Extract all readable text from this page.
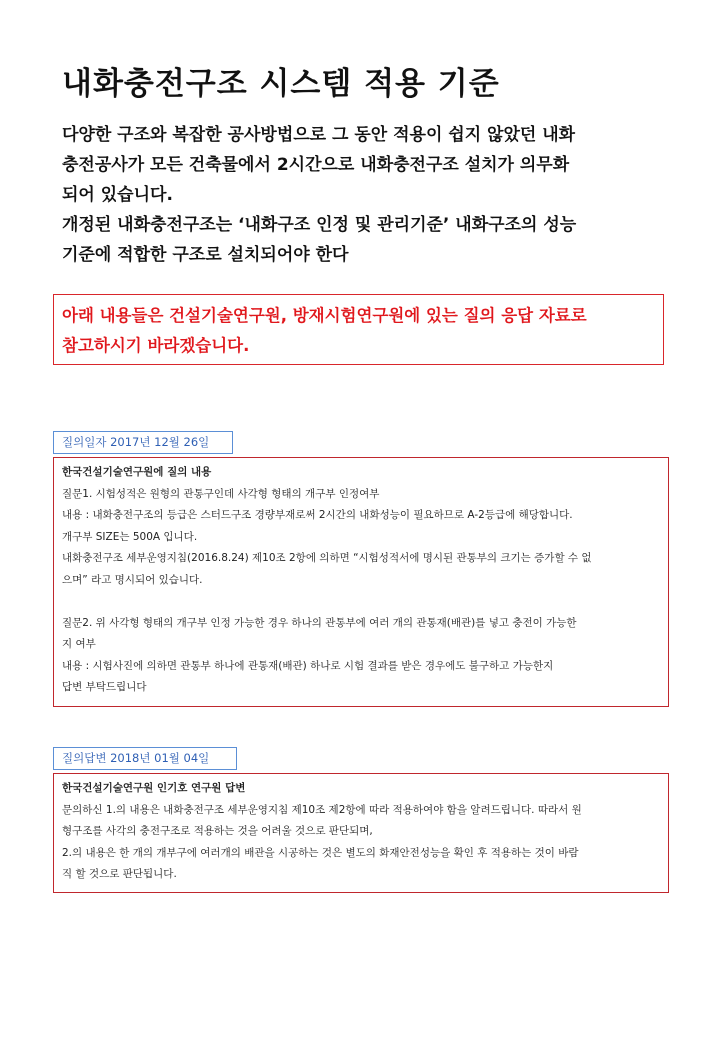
내화충전구조 시스템 적용 기준
다양한 구조와 복잡한 공사방법으로 그 동안 적용이 쉽지 않았던 내화
충전공사가 모든 건축물에서 2시간으로 내화충전구조 설치가 의무화
되어 있습니다.
개정된 내화충전구조는 ‘내화구조 인정 및 관리기준’ 내화구조의 성능
기준에 적합한 구조로 설치되어야 한다
아래 내용들은 건설기술연구원, 방재시험연구원에 있는 질의 응답 자료로
참고하시기 바라겠습니다.
질의일자 2017년 12월 26일
한국건설기술연구원에 질의 내용
질문1. 시험성적은 원형의 관통구인데 사각형 형태의 개구부 인정여부
내용 : 내화충전구조의 등급은 스터드구조 경량부재로써 2시간의 내화성능이 필요하므로 A-2등급에 해당합니다.
개구부 SIZE는 500A 입니다.
내화충전구조 세부운영지침(2016.8.24) 제10조 2항에 의하면 “시험성적서에 명시된 관통부의 크기는 증가할 수 없
으며” 라고 명시되어 있습니다.
질문2. 위 사각형 형태의 개구부 인정 가능한 경우 하나의 관통부에 여러 개의 관통재(배관)를 넣고 충전이 가능한
지 여부
내용 : 시험사진에 의하면 관통부 하나에 관통재(배관) 하나로 시험 결과를 받은 경우에도 불구하고 가능한지
답변 부탁드립니다
질의답변 2018년 01월 04일
한국건설기술연구원 인기호 연구원 답변
문의하신 1.의 내용은 내화충전구조 세부운영지침 제10조 제2항에 따라 적용하여야 함을 알려드립니다. 따라서 원
형구조를 사각의 충전구조로 적용하는 것을 어려울 것으로 판단되며,
2.의 내용은 한 개의 개부구에 여러개의 배관을 시공하는 것은 별도의 화재안전성능을 확인 후 적용하는 것이 바람
직 할 것으로 판단됩니다.
